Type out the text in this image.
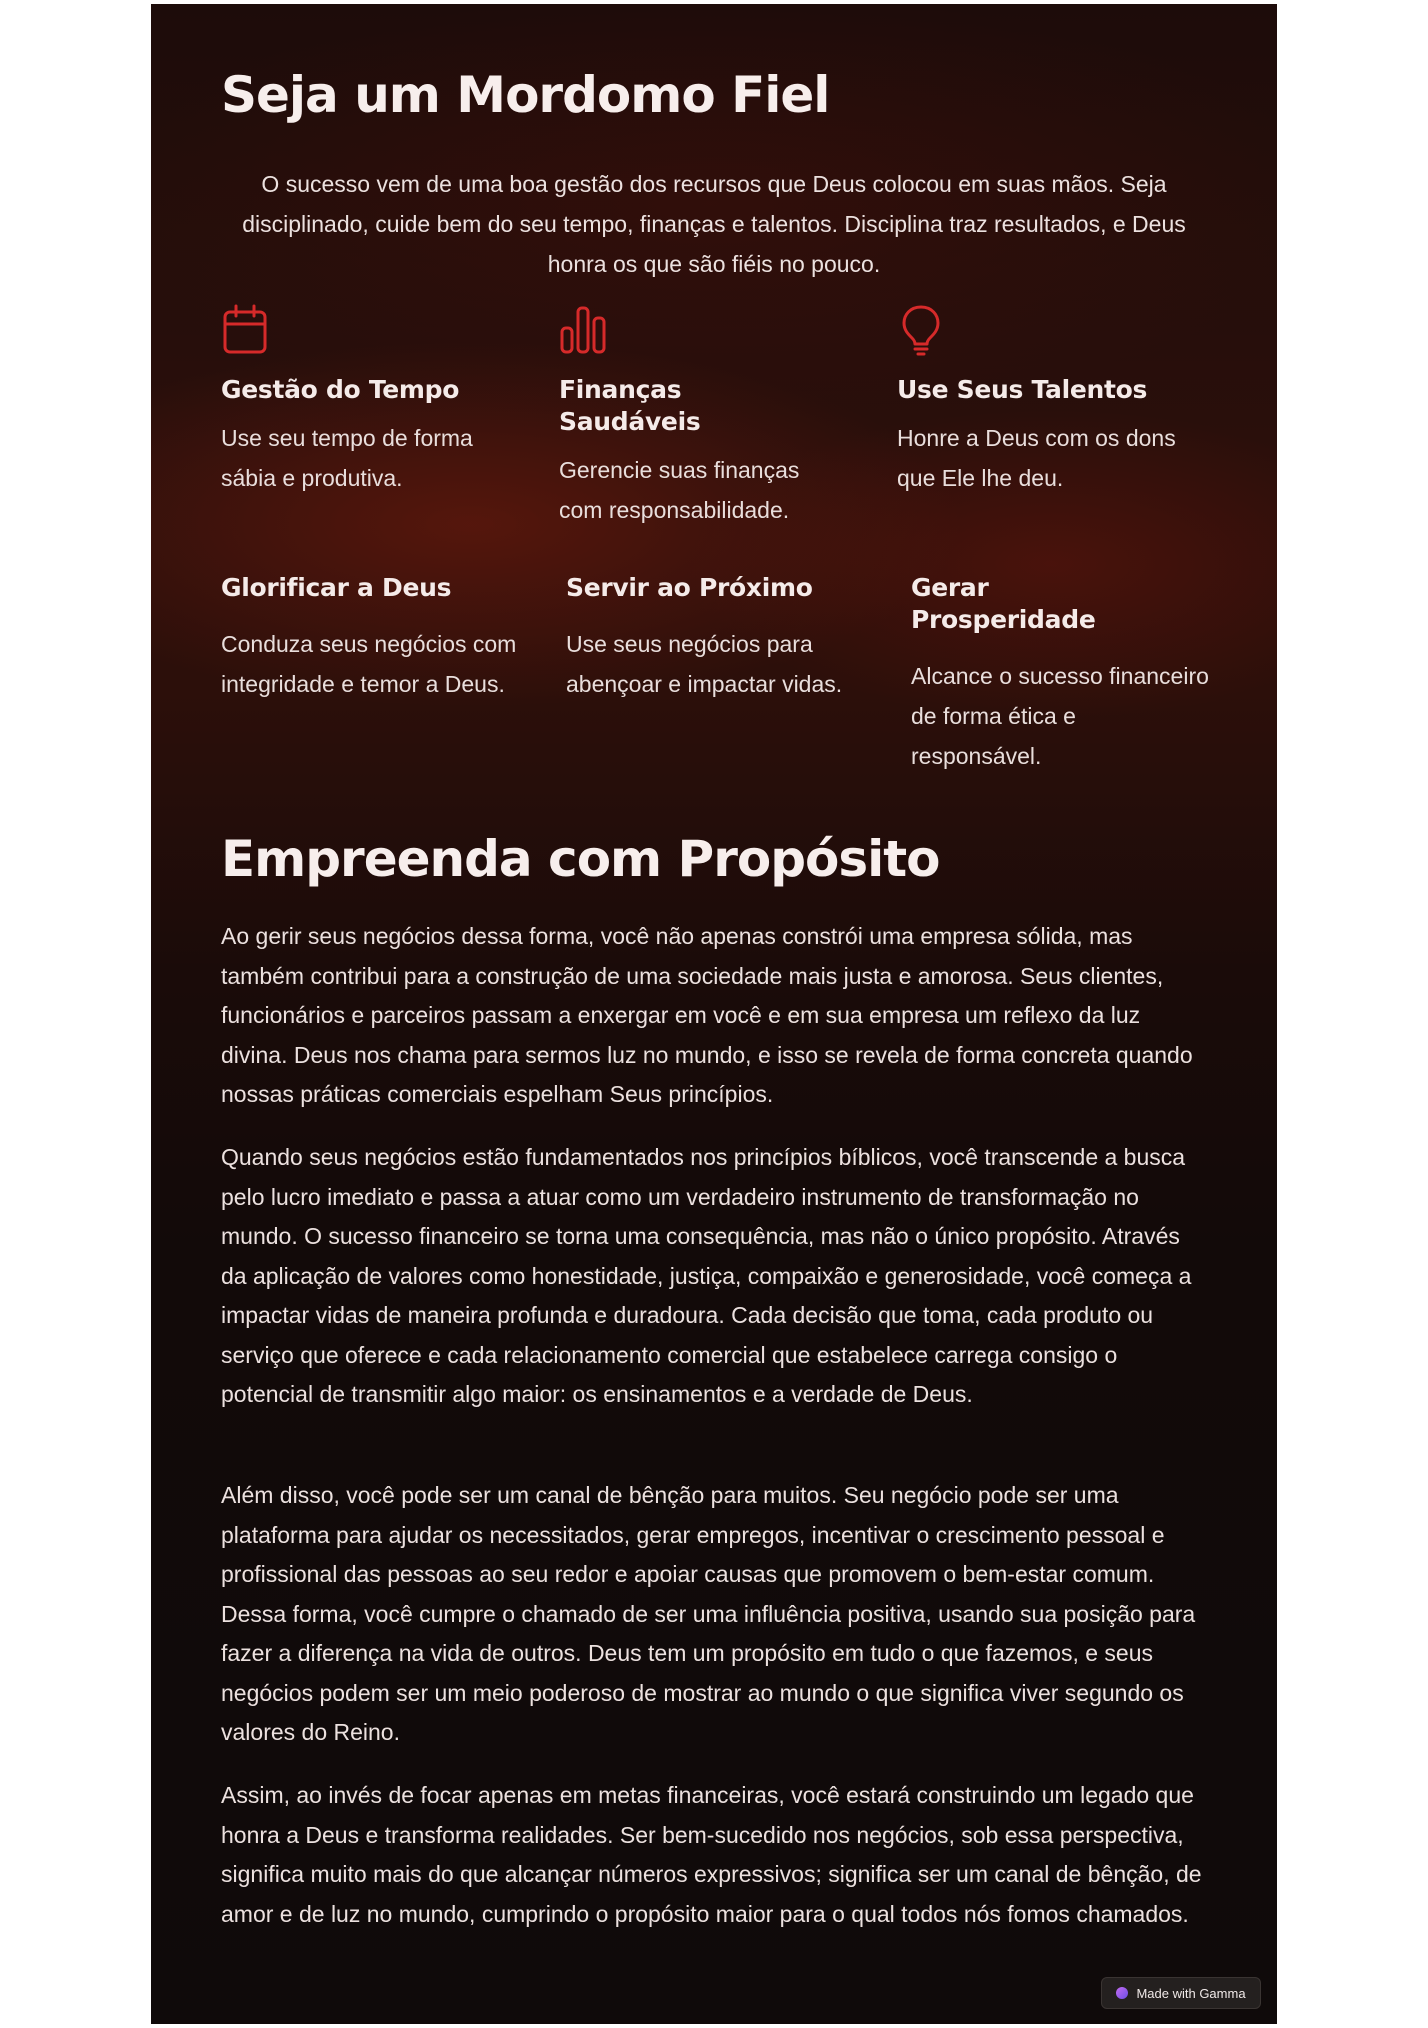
Seja um Mordomo Fiel

O sucesso vem de uma boa gestão dos recursos que Deus colocou em suas mãos. Seja disciplinado, cuide bem do seu tempo, finanças e talentos. Disciplina traz resultados, e Deus honra os que são fiéis no pouco.

Gestão do Tempo

Use seu tempo de forma sábia e produtiva.

Finanças Saudáveis

Gerencie suas finanças com responsabilidade.

Use Seus Talentos

Honre a Deus com os dons que Ele lhe deu.

Glorificar a Deus

Conduza seus negócios com integridade e temor a Deus.

Servir ao Próximo

Use seus negócios para abençoar e impactar vidas.

Gerar Prosperidade

Alcance o sucesso financeiro de forma ética e responsável.

Empreenda com Propósito

Ao gerir seus negócios dessa forma, você não apenas constrói uma empresa sólida, mas também contribui para a construção de uma sociedade mais justa e amorosa. Seus clientes, funcionários e parceiros passam a enxergar em você e em sua empresa um reflexo da luz divina. Deus nos chama para sermos luz no mundo, e isso se revela de forma concreta quando nossas práticas comerciais espelham Seus princípios.

Quando seus negócios estão fundamentados nos princípios bíblicos, você transcende a busca pelo lucro imediato e passa a atuar como um verdadeiro instrumento de transformação no mundo. O sucesso financeiro se torna uma consequência, mas não o único propósito. Através da aplicação de valores como honestidade, justiça, compaixão e generosidade, você começa a impactar vidas de maneira profunda e duradoura. Cada decisão que toma, cada produto ou serviço que oferece e cada relacionamento comercial que estabelece carrega consigo o potencial de transmitir algo maior: os ensinamentos e a verdade de Deus.

Além disso, você pode ser um canal de bênção para muitos. Seu negócio pode ser uma plataforma para ajudar os necessitados, gerar empregos, incentivar o crescimento pessoal e profissional das pessoas ao seu redor e apoiar causas que promovem o bem-estar comum. Dessa forma, você cumpre o chamado de ser uma influência positiva, usando sua posição para fazer a diferença na vida de outros. Deus tem um propósito em tudo o que fazemos, e seus negócios podem ser um meio poderoso de mostrar ao mundo o que significa viver segundo os valores do Reino.

Assim, ao invés de focar apenas em metas financeiras, você estará construindo um legado que honra a Deus e transforma realidades. Ser bem-sucedido nos negócios, sob essa perspectiva, significa muito mais do que alcançar números expressivos; significa ser um canal de bênção, de amor e de luz no mundo, cumprindo o propósito maior para o qual todos nós fomos chamados.

Made with Gamma
